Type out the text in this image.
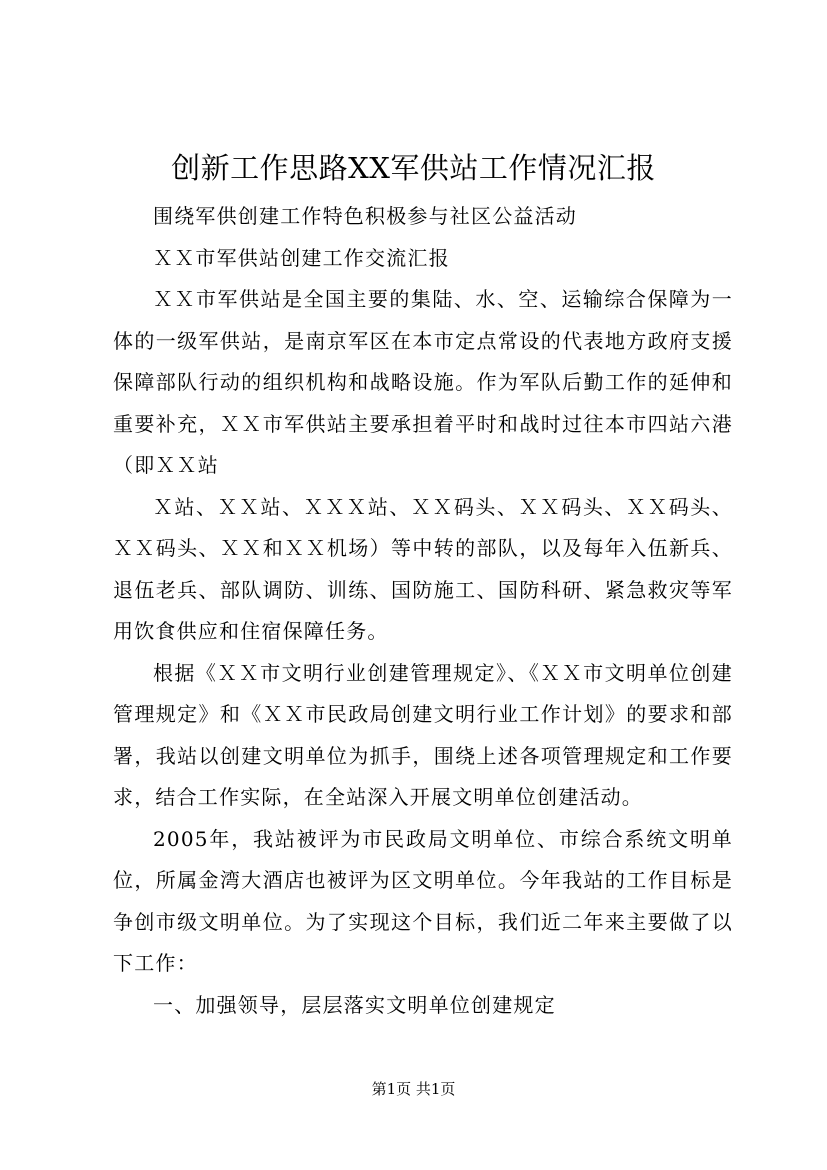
创新工作思路XX军供站工作情况汇报

围绕军供创建工作特色积极参与社区公益活动

ＸＸ市军供站创建工作交流汇报

ＸＸ市军供站是全国主要的集陆、水、空、运输综合保障为一体的一级军供站，是南京军区在本市定点常设的代表地方政府支援保障部队行动的组织机构和战略设施。作为军队后勤工作的延伸和重要补充，ＸＸ市军供站主要承担着平时和战时过往本市四站六港（即ＸＸ站

Ｘ站、ＸＸ站、ＸＸＸ站、ＸＸ码头、ＸＸ码头、ＸＸ码头、ＸＸ码头、ＸＸ和ＸＸ机场）等中转的部队，以及每年入伍新兵、退伍老兵、部队调防、训练、国防施工、国防科研、紧急救灾等军用饮食供应和住宿保障任务。

根据《ＸＸ市文明行业创建管理规定》、《ＸＸ市文明单位创建管理规定》和《ＸＸ市民政局创建文明行业工作计划》的要求和部署，我站以创建文明单位为抓手，围绕上述各项管理规定和工作要求，结合工作实际，在全站深入开展文明单位创建活动。

2005年，我站被评为市民政局文明单位、市综合系统文明单位，所属金湾大酒店也被评为区文明单位。今年我站的工作目标是争创市级文明单位。为了实现这个目标，我们近二年来主要做了以下工作：

一、加强领导，层层落实文明单位创建规定

第1页 共1页
